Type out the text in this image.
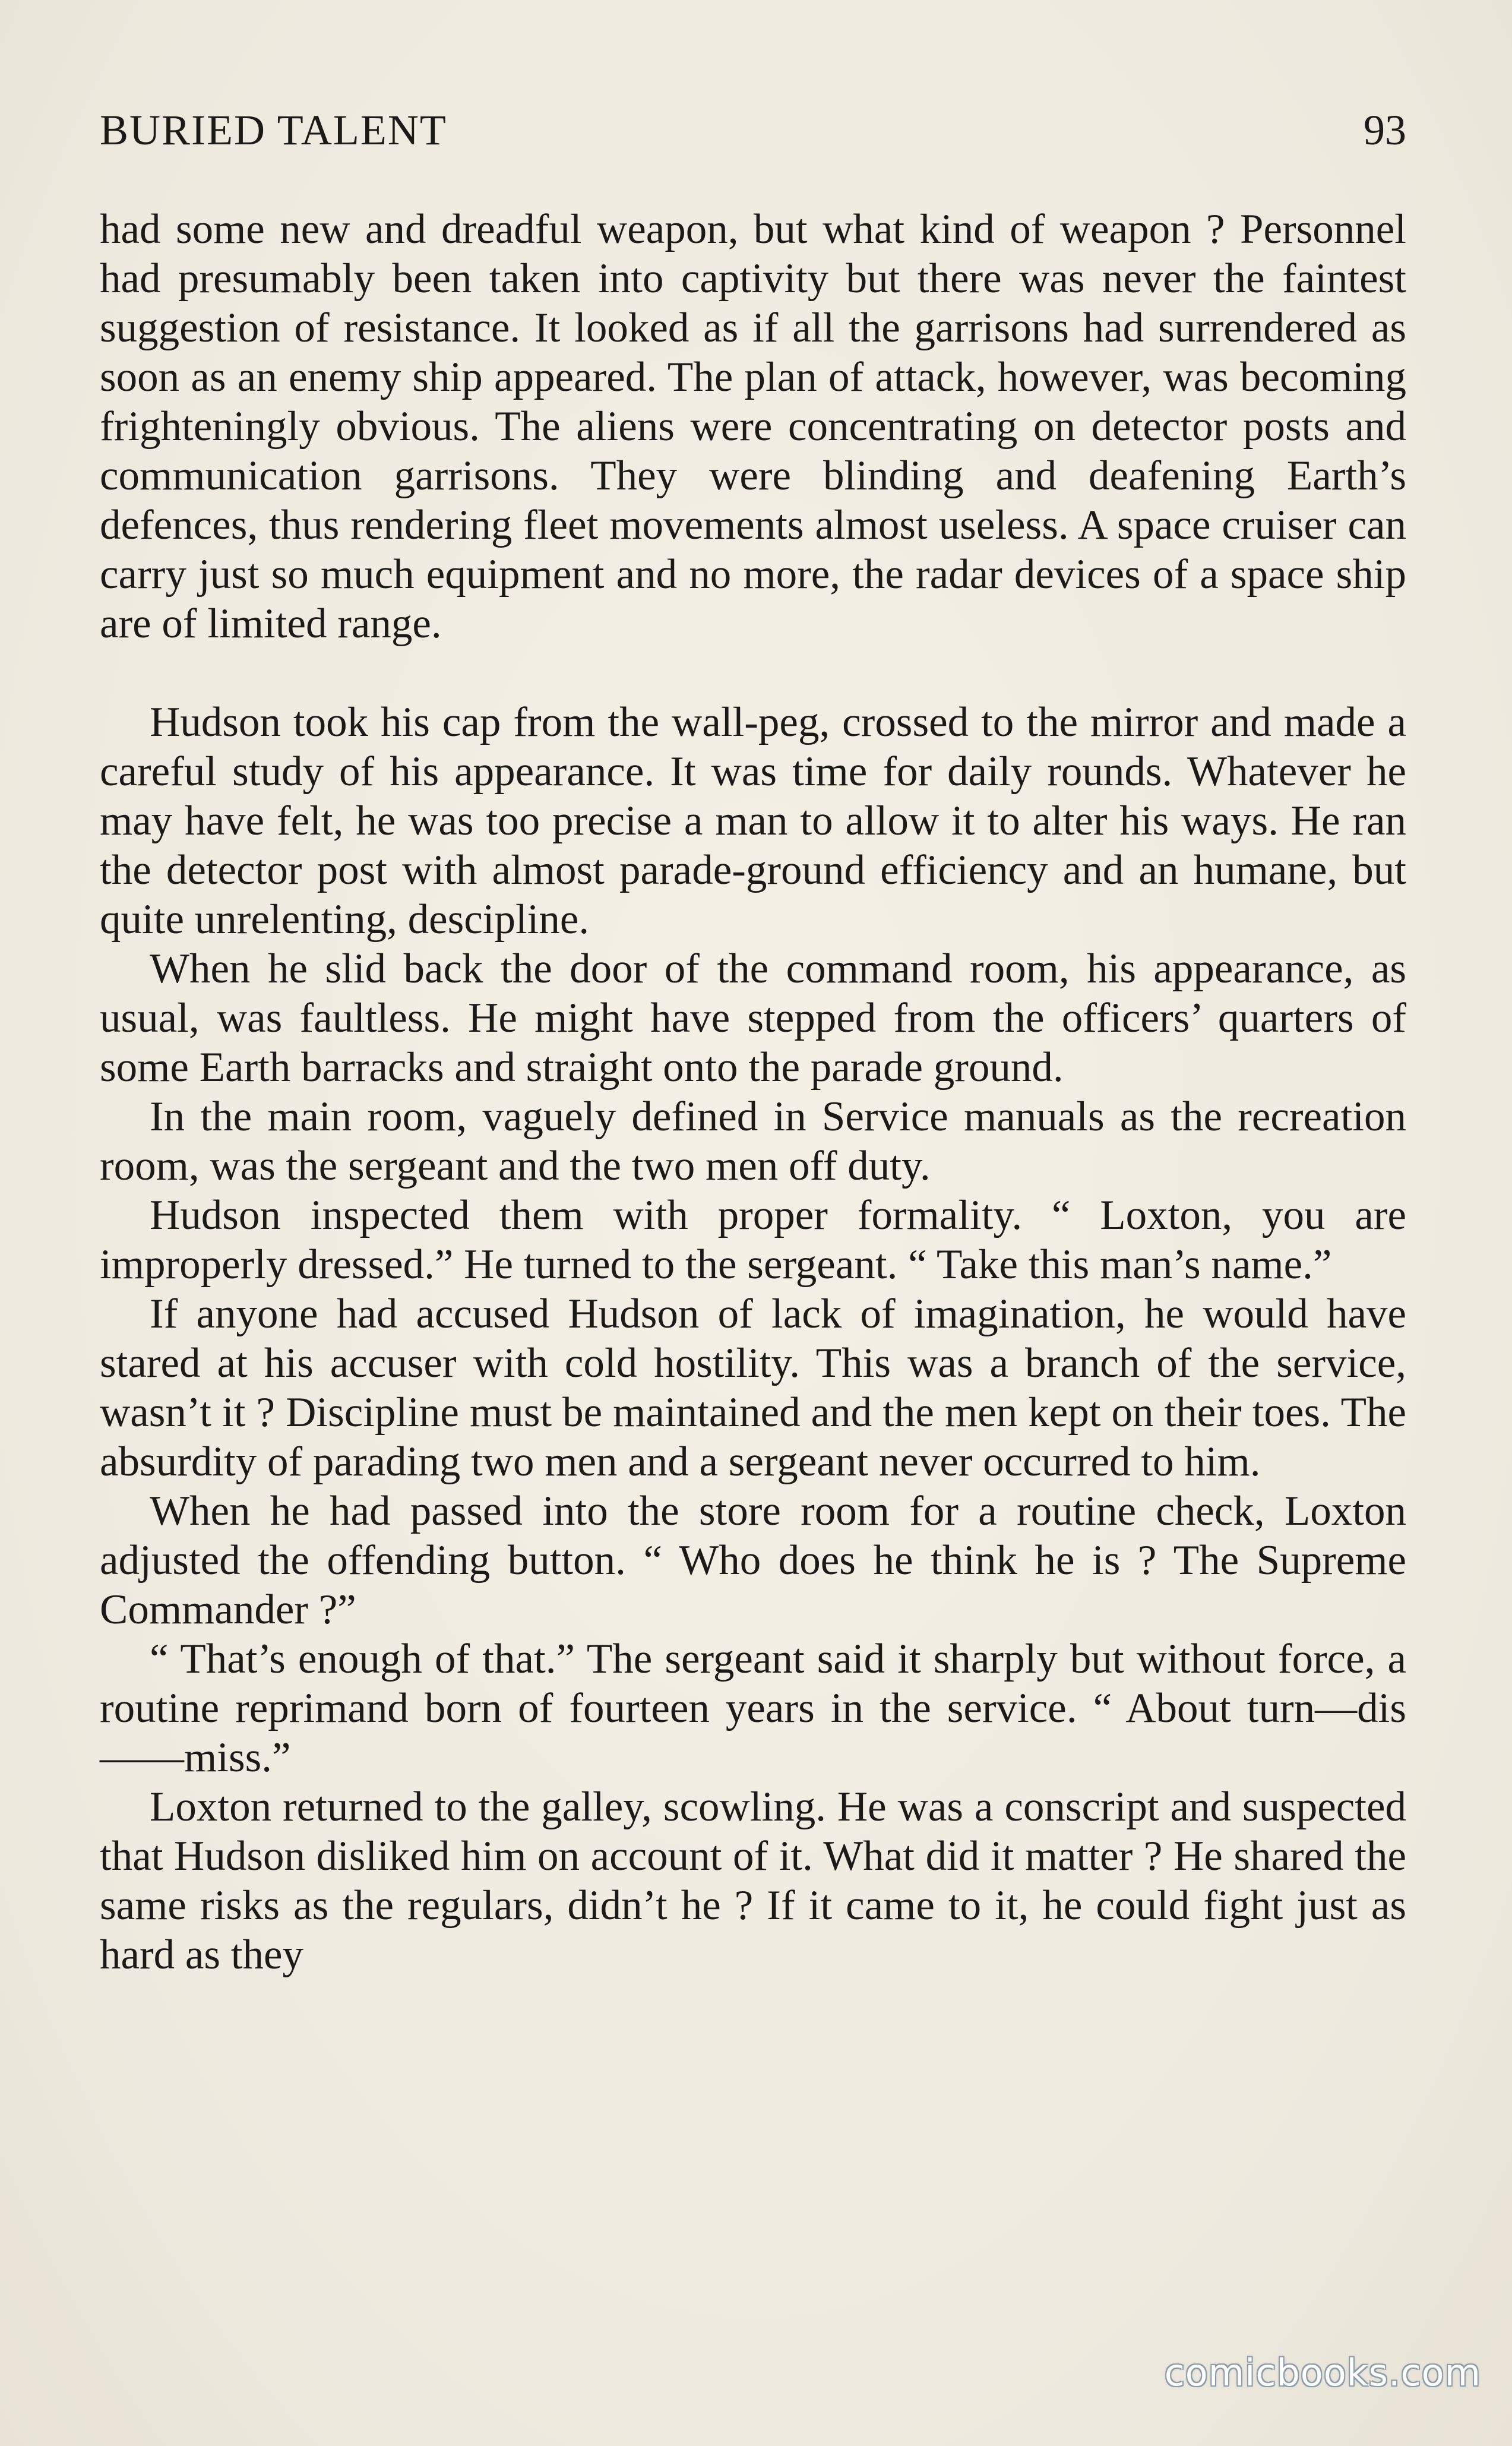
BURIED TALENT	93

had some new and dreadful weapon, but what kind of weapon ? Personnel had presumably been taken into captivity but there was never the faintest suggestion of resistance. It looked as if all the garrisons had surrendered as soon as an enemy ship appeared. The plan of attack, however, was becoming frighteningly obvious. The aliens were concentrating on detector posts and communication garrisons. They were blinding and deafening Earth’s defences, thus rendering fleet movements almost useless. A space cruiser can carry just so much equipment and no more, the radar devices of a space ship are of limited range.

Hudson took his cap from the wall-peg, crossed to the mirror and made a careful study of his appearance. It was time for daily rounds. Whatever he may have felt, he was too precise a man to allow it to alter his ways. He ran the detector post with almost parade-ground efficiency and an humane, but quite unrelenting, descipline.

When he slid back the door of the command room, his appearance, as usual, was faultless. He might have stepped from the officers’ quarters of some Earth barracks and straight onto the parade ground.

In the main room, vaguely defined in Service manuals as the recreation room, was the sergeant and the two men off duty.

Hudson inspected them with proper formality. “ Loxton, you are improperly dressed.” He turned to the sergeant. “ Take this man’s name.”

If anyone had accused Hudson of lack of imagination, he would have stared at his accuser with cold hostility. This was a branch of the service, wasn’t it ? Discipline must be maintained and the men kept on their toes. The absurdity of parading two men and a sergeant never occurred to him.

When he had passed into the store room for a routine check, Loxton adjusted the offending button. “ Who does he think he is ? The Supreme Commander ?”

“ That’s enough of that.” The sergeant said it sharply but without force, a routine reprimand born of fourteen years in the service. “ About turn—dis——miss.”

Loxton returned to the galley, scowling. He was a conscript and suspected that Hudson disliked him on account of it. What did it matter ? He shared the same risks as the regulars, didn’t he ? If it came to it, he could fight just as hard as they

comicbooks.com
